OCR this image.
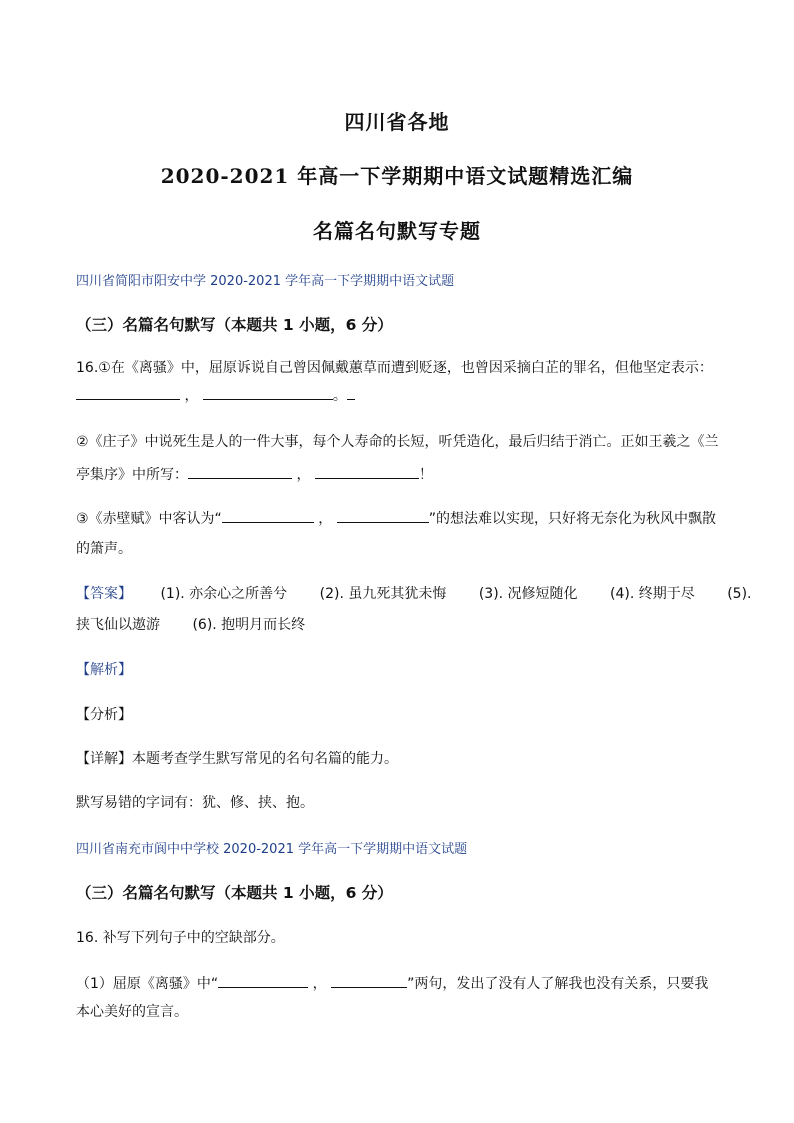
四川省各地
2020-2021 年高一下学期期中语文试题精选汇编
名篇名句默写专题
四川省简阳市阳安中学 2020-2021 学年高一下学期期中语文试题
（三）名篇名句默写（本题共 1 小题，6 分）
16.①在《离骚》中，屈原诉说自己曾因佩戴蕙草而遭到贬逐，也曾因采摘白芷的罪名，但他坚定表示：
，	。
②《庄子》中说死生是人的一件大事，每个人寿命的长短，听凭造化，最后归结于消亡。正如王羲之《兰
亭集序》中所写：	，	！
③《赤壁赋》中客认为“	，	”的想法难以实现，只好将无奈化为秋风中飘散
的箫声。
【答案】 (1). 亦余心之所善兮 (2). 虽九死其犹未悔 (3). 况修短随化 (4). 终期于尽 (5).
挟飞仙以遨游 (6). 抱明月而长终
【解析】
【分析】
【详解】本题考查学生默写常见的名句名篇的能力。
默写易错的字词有：犹、修、挟、抱。
四川省南充市阆中中学校 2020-2021 学年高一下学期期中语文试题
（三）名篇名句默写（本题共 1 小题，6 分）
16. 补写下列句子中的空缺部分。
（1）屈原《离骚》中“	，	”两句，发出了没有人了解我也没有关系，只要我
本心美好的宣言。
